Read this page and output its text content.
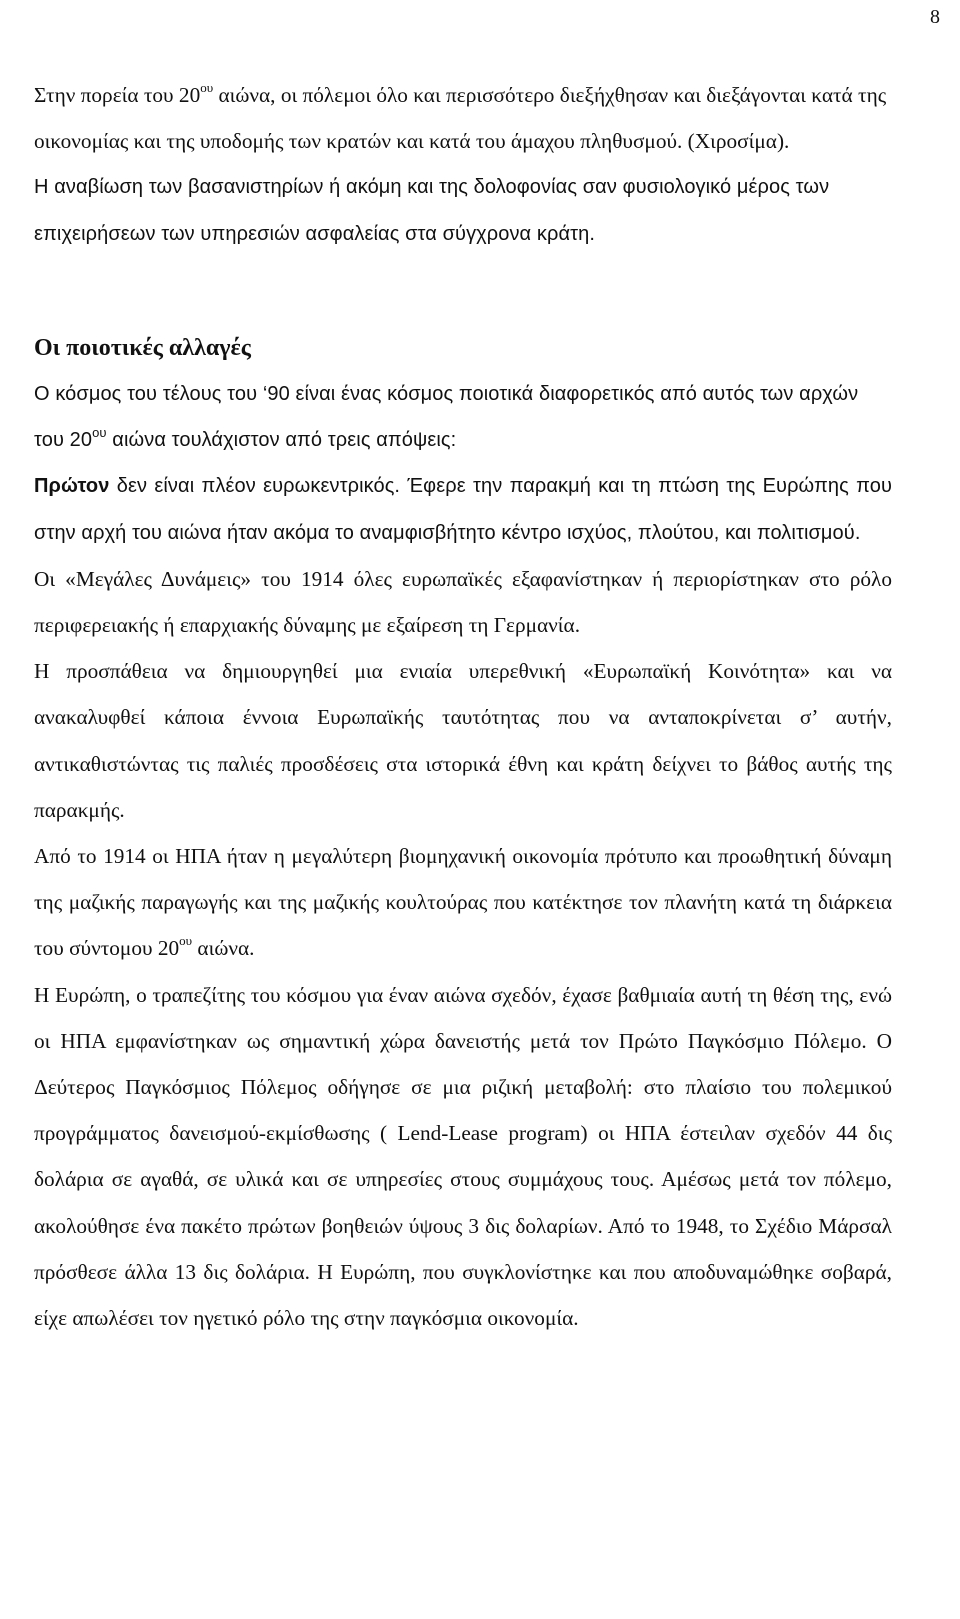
8

Στην πορεία του $20^{o\upsilon}$ αιώνα, οι πόλεμοι όλο και περισσότερο διεξήχθησαν και διεξάγονται κατά της οικονομίας και της υποδομής των κρατών και κατά του άμαχου πληθυσμού. (Χιροσίμα).

Η αναβίωση των βασανιστηρίων ή ακόμη και της δολοφονίας σαν φυσιολογικό μέρος των επιχειρήσεων των υπηρεσιών ασφαλείας στα σύγχρονα κράτη.

Οι ποιοτικές αλλαγές

Ο κόσμος του τέλους του ‘90 είναι ένας κόσμος ποιοτικά διαφορετικός από αυτός των αρχών του $20^{o\upsilon}$ αιώνα τουλάχιστον από τρεις απόψεις:

Πρώτον δεν είναι πλέον ευρωκεντρικός. Έφερε την παρακμή και τη πτώση της Ευρώπης που στην αρχή του αιώνα ήταν ακόμα το αναμφισβήτητο κέντρο ισχύος, πλούτου, και πολιτισμού.

Οι «Μεγάλες Δυνάμεις» του 1914 όλες ευρωπαϊκές εξαφανίστηκαν ή περιορίστηκαν στο ρόλο περιφερειακής ή επαρχιακής δύναμης με εξαίρεση τη Γερμανία.

Η προσπάθεια να δημιουργηθεί μια ενιαία υπερεθνική «Ευρωπαϊκή Κοινότητα» και να ανακαλυφθεί κάποια έννοια Ευρωπαϊκής ταυτότητας που να ανταποκρίνεται σ’ αυτήν, αντικαθιστώντας τις παλιές προσδέσεις στα ιστορικά έθνη και κράτη δείχνει το βάθος αυτής της παρακμής.

Από το 1914 οι ΗΠΑ ήταν η μεγαλύτερη βιομηχανική οικονομία πρότυπο και προωθητική δύναμη της μαζικής παραγωγής και της μαζικής κουλτούρας που κατέκτησε τον πλανήτη κατά τη διάρκεια του σύντομου $20^{o\upsilon}$ αιώνα.

Η Ευρώπη, ο τραπεζίτης του κόσμου για έναν αιώνα σχεδόν, έχασε βαθμιαία αυτή τη θέση της, ενώ οι ΗΠΑ εμφανίστηκαν ως σημαντική χώρα δανειστής μετά τον Πρώτο Παγκόσμιο Πόλεμο. Ο Δεύτερος Παγκόσμιος Πόλεμος οδήγησε σε μια ριζική μεταβολή: στο πλαίσιο του πολεμικού προγράμματος δανεισμού-εκμίσθωσης ( Lend-Lease program) οι ΗΠΑ έστειλαν σχεδόν 44 δις δολάρια σε αγαθά, σε υλικά και σε υπηρεσίες στους συμμάχους τους. Αμέσως μετά τον πόλεμο, ακολούθησε ένα πακέτο πρώτων βοηθειών ύψους 3 δις δολαρίων. Από το 1948, το Σχέδιο Μάρσαλ πρόσθεσε άλλα 13 δις δολάρια. Η Ευρώπη, που συγκλονίστηκε και που αποδυναμώθηκε σοβαρά, είχε απωλέσει τον ηγετικό ρόλο της στην παγκόσμια οικονομία.
